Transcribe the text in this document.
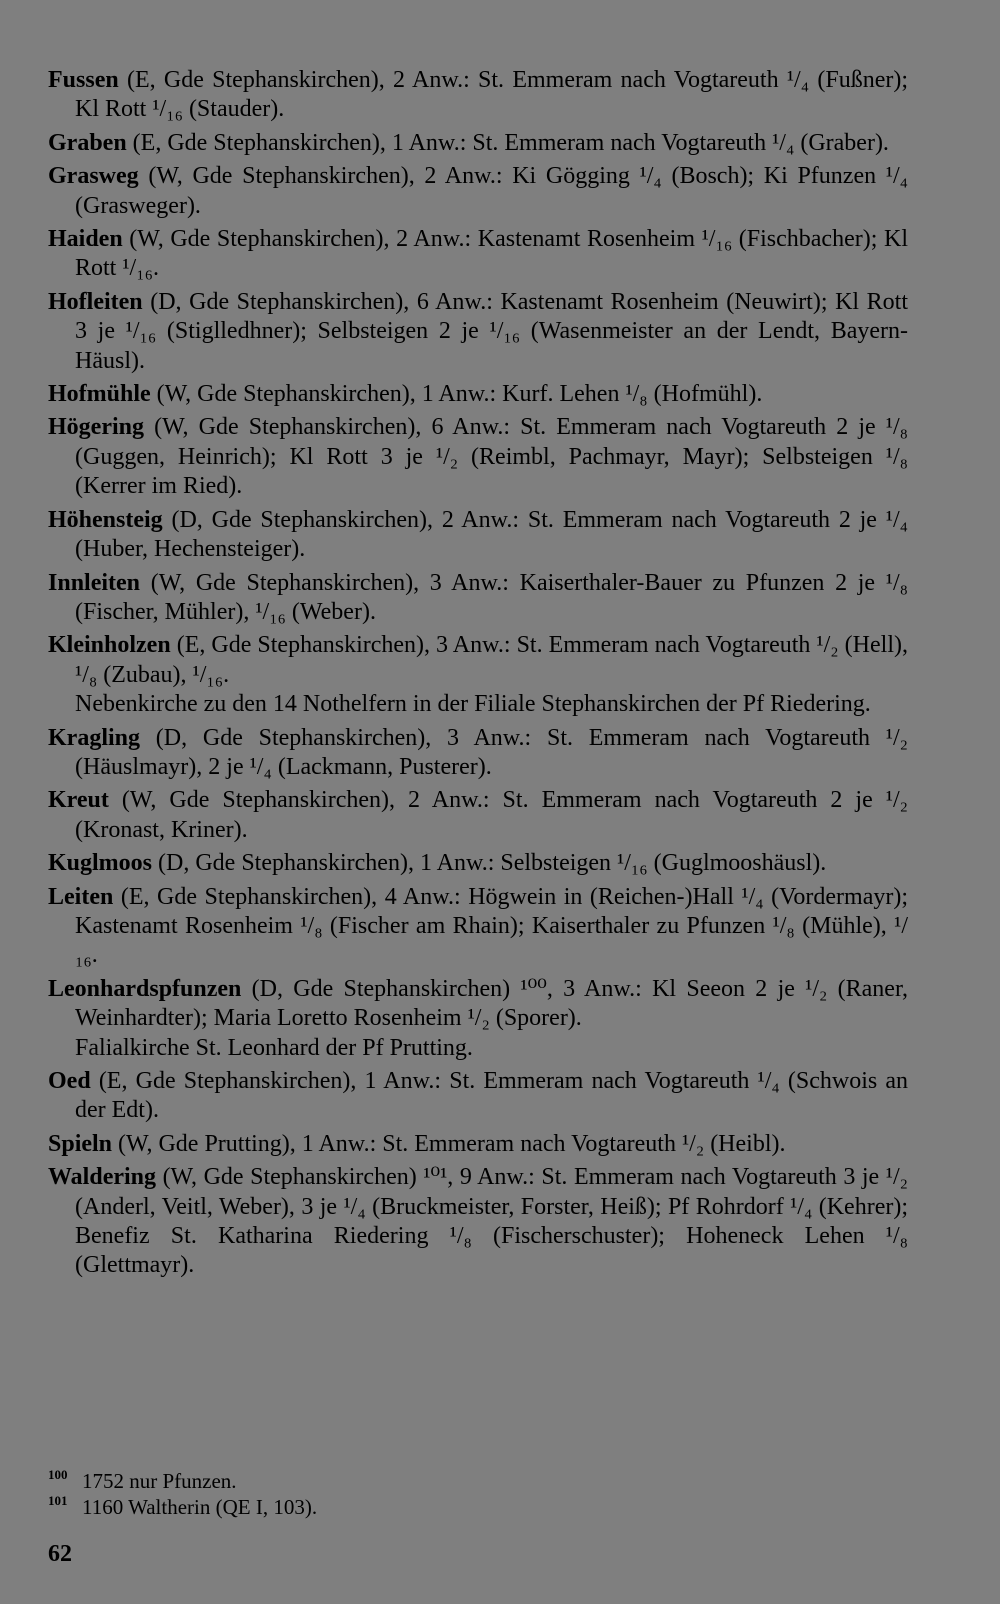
Fussen (E, Gde Stephanskirchen), 2 Anw.: St. Emmeram nach Vogtareuth ¹/₄ (Fußner); Kl Rott ¹/₁₆ (Stauder).
Graben (E, Gde Stephanskirchen), 1 Anw.: St. Emmeram nach Vogtareuth ¹/₄ (Graber).
Grasweg (W, Gde Stephanskirchen), 2 Anw.: Ki Gögging ¹/₄ (Bosch); Ki Pfunzen ¹/₄ (Grasweger).
Haiden (W, Gde Stephanskirchen), 2 Anw.: Kastenamt Rosenheim ¹/₁₆ (Fischbacher); Kl Rott ¹/₁₆.
Hofleiten (D, Gde Stephanskirchen), 6 Anw.: Kastenamt Rosenheim (Neuwirt); Kl Rott 3 je ¹/₁₆ (Stiglledhner); Selbsteigen 2 je ¹/₁₆ (Wasenmeister an der Lendt, Bayern-Häusl).
Hofmühle (W, Gde Stephanskirchen), 1 Anw.: Kurf. Lehen ¹/₈ (Hofmühl).
Högering (W, Gde Stephanskirchen), 6 Anw.: St. Emmeram nach Vogtareuth 2 je ¹/₈ (Guggen, Heinrich); Kl Rott 3 je ¹/₂ (Reimbl, Pachmayr, Mayr); Selbsteigen ¹/₈ (Kerrer im Ried).
Höhensteig (D, Gde Stephanskirchen), 2 Anw.: St. Emmeram nach Vogtareuth 2 je ¹/₄ (Huber, Hechensteiger).
Innleiten (W, Gde Stephanskirchen), 3 Anw.: Kaiserthaler-Bauer zu Pfunzen 2 je ¹/₈ (Fischer, Mühler), ¹/₁₆ (Weber).
Kleinholzen (E, Gde Stephanskirchen), 3 Anw.: St. Emmeram nach Vogtareuth ¹/₂ (Hell), ¹/₈ (Zubau), ¹/₁₆.
Nebenkirche zu den 14 Nothelfern in der Filiale Stephanskirchen der Pf Riedering.
Kragling (D, Gde Stephanskirchen), 3 Anw.: St. Emmeram nach Vogtareuth ¹/₂ (Häuslmayr), 2 je ¹/₄ (Lackmann, Pusterer).
Kreut (W, Gde Stephanskirchen), 2 Anw.: St. Emmeram nach Vogtareuth 2 je ¹/₂ (Kronast, Kriner).
Kuglmoos (D, Gde Stephanskirchen), 1 Anw.: Selbsteigen ¹/₁₆ (Guglmooshäusl).
Leiten (E, Gde Stephanskirchen), 4 Anw.: Högwein in (Reichen-)Hall ¹/₄ (Vordermayr); Kastenamt Rosenheim ¹/₈ (Fischer am Rhain); Kaiserthaler zu Pfunzen ¹/₈ (Mühle), ¹/₁₆.
Leonhardspfunzen (D, Gde Stephanskirchen) ¹⁰⁰, 3 Anw.: Kl Seeon 2 je ¹/₂ (Raner, Weinhardter); Maria Loretto Rosenheim ¹/₂ (Sporer).
Falialkirche St. Leonhard der Pf Prutting.
Oed (E, Gde Stephanskirchen), 1 Anw.: St. Emmeram nach Vogtareuth ¹/₄ (Schwois an der Edt).
Spieln (W, Gde Prutting), 1 Anw.: St. Emmeram nach Vogtareuth ¹/₂ (Heibl).
Waldering (W, Gde Stephanskirchen) ¹⁰¹, 9 Anw.: St. Emmeram nach Vogtareuth 3 je ¹/₂ (Anderl, Veitl, Weber), 3 je ¹/₄ (Bruckmeister, Forster, Heiß); Pf Rohrdorf ¹/₄ (Kehrer); Benefiz St. Katharina Riedering ¹/₈ (Fischerschuster); Hoheneck Lehen ¹/₈ (Glettmayr).
100 1752 nur Pfunzen.
101 1160 Waltherin (QE I, 103).
62
